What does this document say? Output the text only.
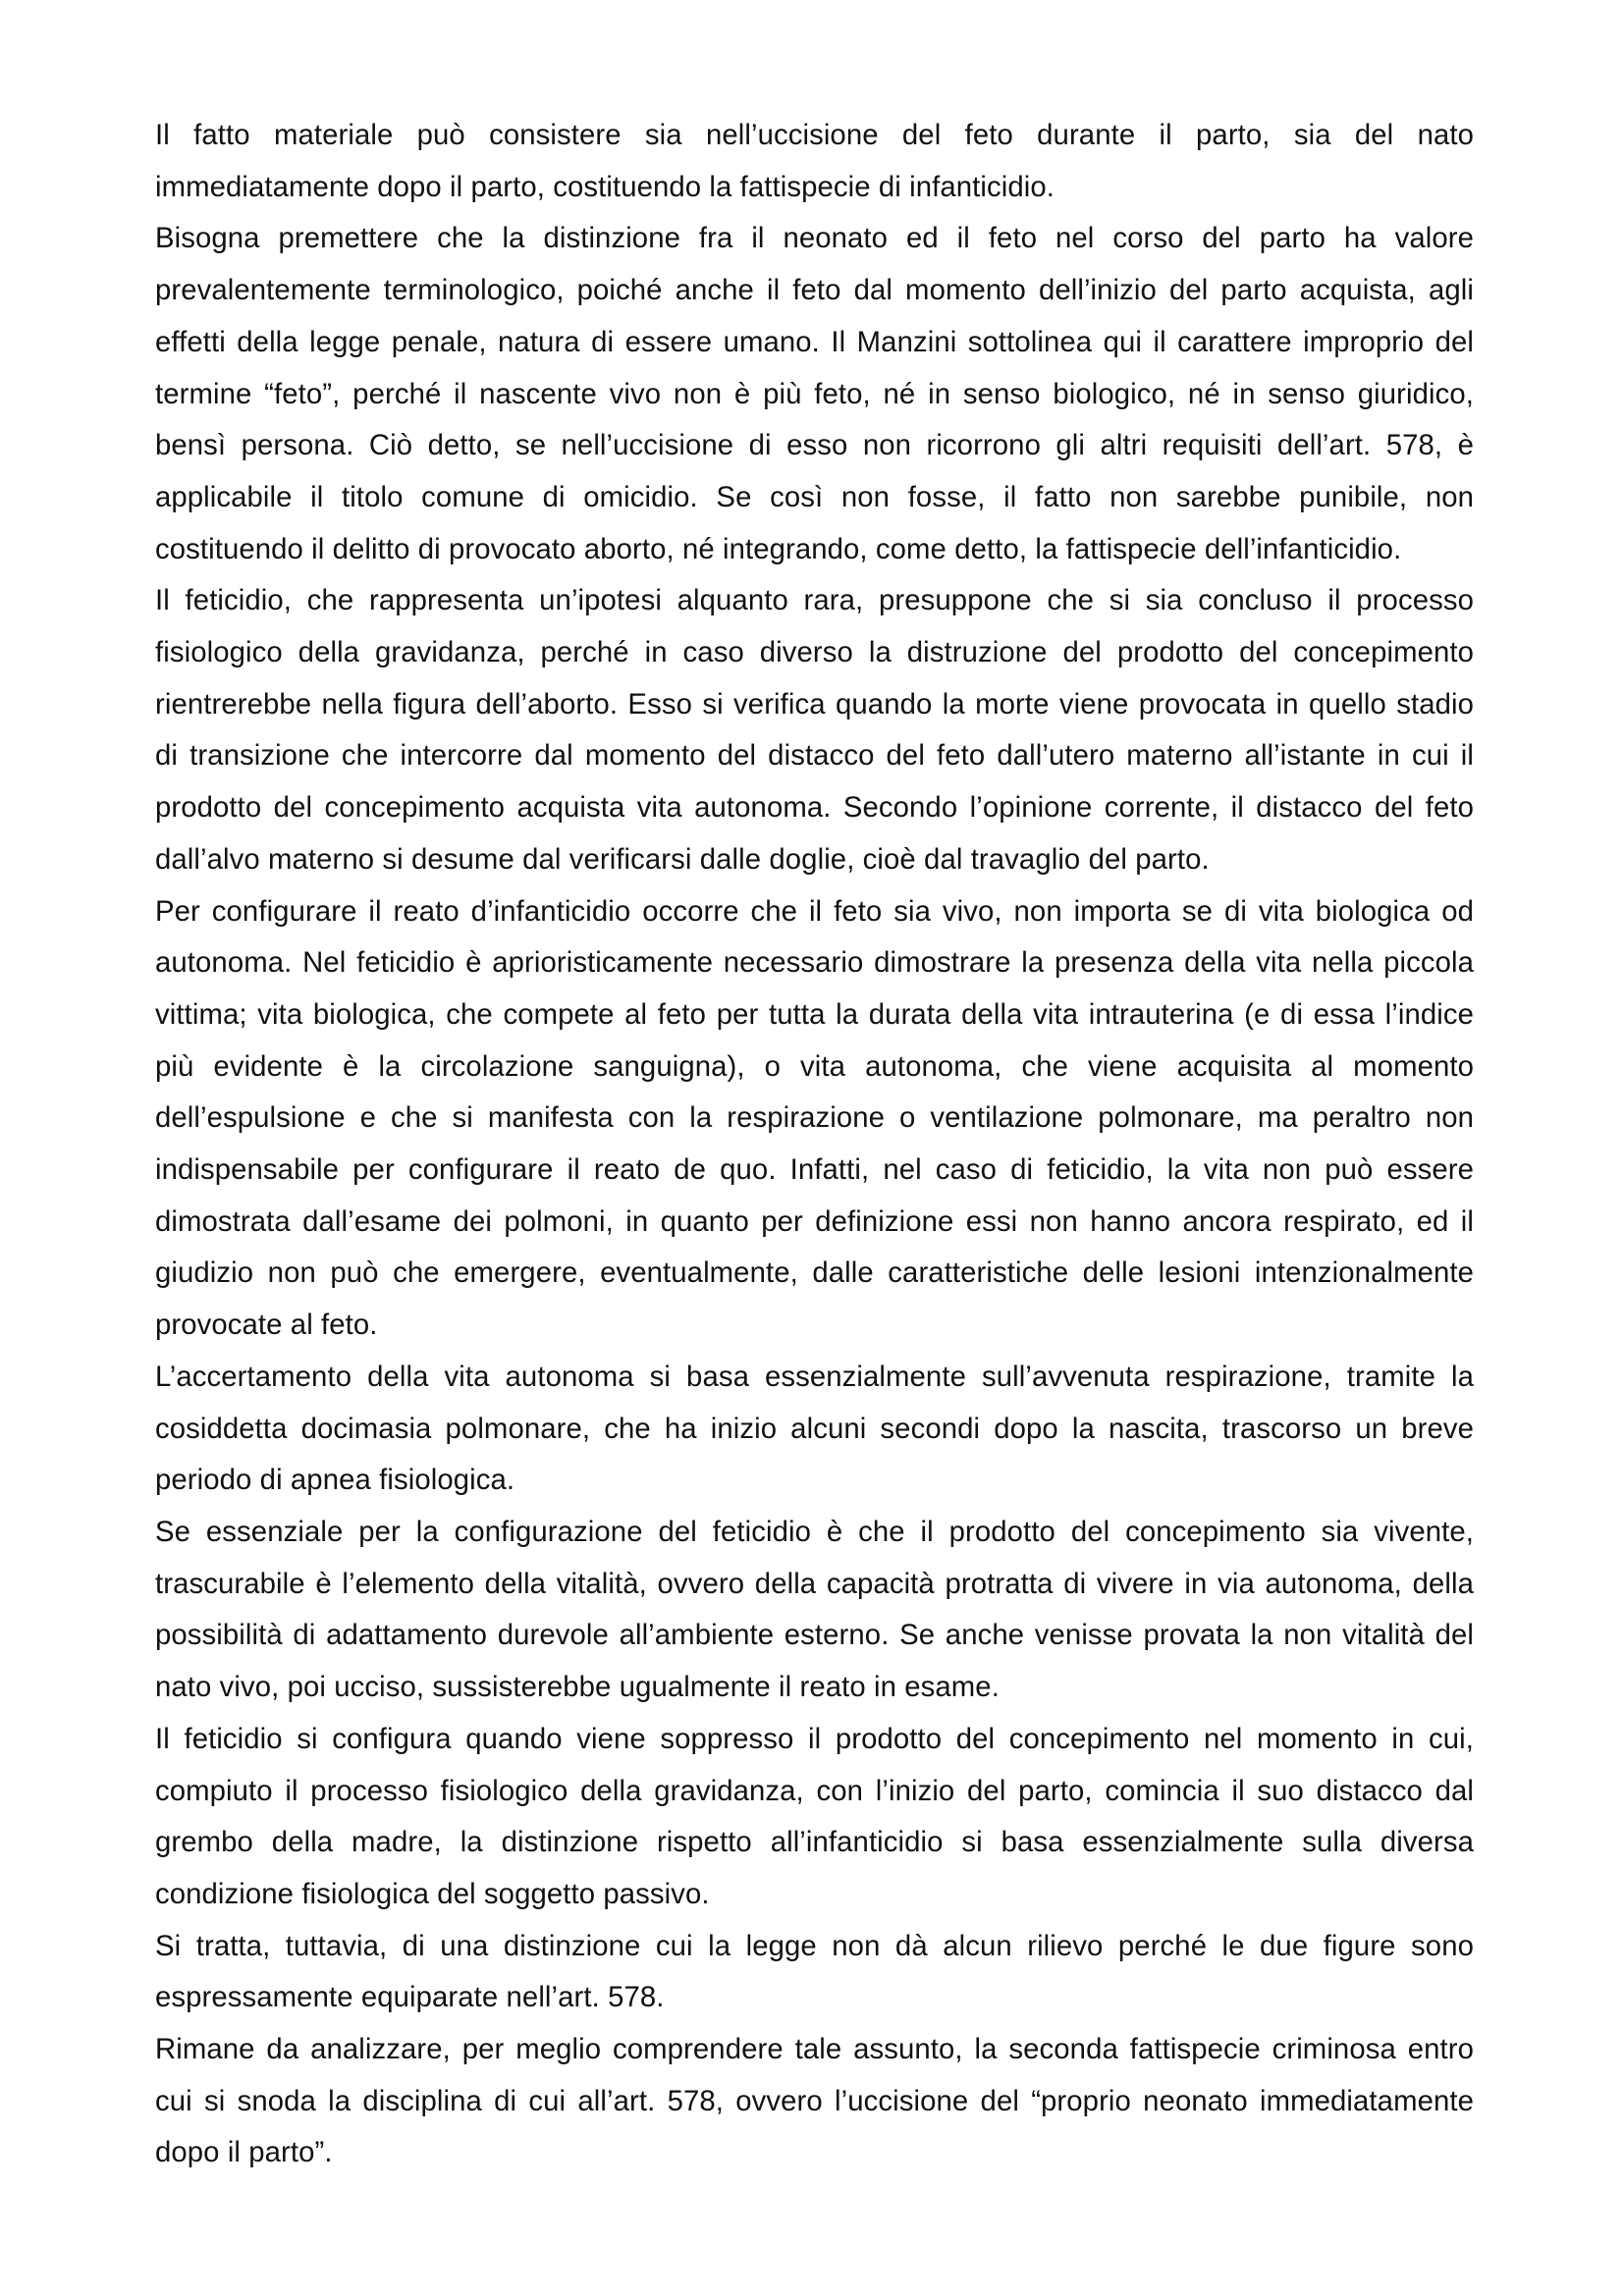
Il fatto materiale può consistere sia nell’uccisione del feto durante il parto, sia del nato immediatamente dopo il parto, costituendo la fattispecie di infanticidio.

Bisogna premettere che la distinzione fra il neonato ed il feto nel corso del parto ha valore prevalentemente terminologico, poiché anche il feto dal momento dell’inizio del parto acquista, agli effetti della legge penale, natura di essere umano. Il Manzini sottolinea qui il carattere improprio del termine “feto”, perché il nascente vivo non è più feto, né in senso biologico, né in senso giuridico, bensì persona. Ciò detto, se nell’uccisione di esso non ricorrono gli altri requisiti dell’art. 578, è applicabile il titolo comune di omicidio. Se così non fosse, il fatto non sarebbe punibile, non costituendo il delitto di provocato aborto, né integrando, come detto, la fattispecie dell’infanticidio.

Il feticidio, che rappresenta un’ipotesi alquanto rara, presuppone che si sia concluso il processo fisiologico della gravidanza, perché in caso diverso la distruzione del prodotto del concepimento rientrerebbe nella figura dell’aborto. Esso si verifica quando la morte viene provocata in quello stadio di transizione che intercorre dal momento del distacco del feto dall’utero materno all’istante in cui il prodotto del concepimento acquista vita autonoma. Secondo l’opinione corrente, il distacco del feto dall’alvo materno si desume dal verificarsi dalle doglie, cioè dal travaglio del parto.

Per configurare il reato d’infanticidio occorre che il feto sia vivo, non importa se di vita biologica od autonoma. Nel feticidio è aprioristicamente necessario dimostrare la presenza della vita nella piccola vittima; vita biologica, che compete al feto per tutta la durata della vita intrauterina (e di essa l’indice più evidente è la circolazione sanguigna), o vita autonoma, che viene acquisita al momento dell’espulsione e che si manifesta con la respirazione o ventilazione polmonare, ma peraltro non indispensabile per configurare il reato de quo. Infatti, nel caso di feticidio, la vita non può essere dimostrata dall’esame dei polmoni, in quanto per definizione essi non hanno ancora respirato, ed il giudizio non può che emergere, eventualmente, dalle caratteristiche delle lesioni intenzionalmente provocate al feto.

L’accertamento della vita autonoma si basa essenzialmente sull’avvenuta respirazione, tramite la cosiddetta docimasia polmonare, che ha inizio alcuni secondi dopo la nascita, trascorso un breve periodo di apnea fisiologica.

Se essenziale per la configurazione del feticidio è che il prodotto del concepimento sia vivente, trascurabile è l’elemento della vitalità, ovvero della capacità protratta di vivere in via autonoma, della possibilità di adattamento durevole all’ambiente esterno. Se anche venisse provata la non vitalità del nato vivo, poi ucciso, sussisterebbe ugualmente il reato in esame.

Il feticidio si configura quando viene soppresso il prodotto del concepimento nel momento in cui, compiuto il processo fisiologico della gravidanza, con l’inizio del parto, comincia il suo distacco dal grembo della madre, la distinzione rispetto all’infanticidio si basa essenzialmente sulla diversa condizione fisiologica del soggetto passivo.

Si tratta, tuttavia, di una distinzione cui la legge non dà alcun rilievo perché le due figure sono espressamente equiparate nell’art. 578.

Rimane da analizzare, per meglio comprendere tale assunto, la seconda fattispecie criminosa entro cui si snoda la disciplina di cui all’art. 578, ovvero l’uccisione del “proprio neonato immediatamente dopo il parto”.
